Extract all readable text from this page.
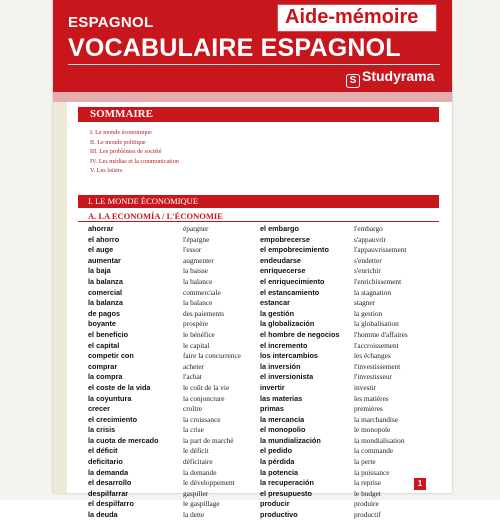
ESPAGNOL	Aide-mémoire
VOCABULAIRE ESPAGNOL
S Studyrama
SOMMAIRE
I. Le monde économique
II. Le monde politique
III. Les problèmes de société
IV. Les médias et la communication
V. Les loisirs
I. LE MONDE ÉCONOMIQUE
A. LA ECONOMÍA / L'ÉCONOMIE
ahorrar
el ahorro
el auge
aumentar
la baja
la balanza
comercial
la balanza
de pagos
boyante
el beneficio
el capital
competir con
comprar
la compra
el coste de la vida
la coyuntura
crecer
el crecimiento
la crisis
la cuota de mercado
el déficit
deficitario
la demanda
el desarrollo
despilfarrar
el despilfarro
la deuda
épargner
l'épargne
l'essor
augmenter
la baisse
la balance
commerciale
la balance
des paiements
prospère
le bénéfice
le capital
faire la concurrence
acheter
l'achat
le coût de la vie
la conjoncture
croître
la croissance
la crise
la part de marché
le déficit
déficitaire
la demande
le développement
gaspiller
le gaspillage
la dette
el embargo
empobrecerse
el empobrecimiento
endeudarse
enriquecerse
el enriquecimiento
el estancamiento
estancar
la gestión
la globalización
el hombre de negocios
el incremento
los intercambios
la inversión
el inversionista
invertir
las materias
primas
la mercancía
el monopolio
la mundialización
el pedido
la pérdida
la potencia
la recuperación
el presupuesto
producir
productivo
l'embargo
s'appauvrir
l'appauvrissement
s'endetter
s'enrichir
l'enrichissement
la stagnation
stagner
la gestion
la globalisation
l'homme d'affaires
l'accroissement
les échanges
l'investissement
l'investisseur
investir
les matières
premières
la marchandise
le monopole
la mondialisation
la commande
la perte
la puissance
la reprise
le budget
produire
productif
1
